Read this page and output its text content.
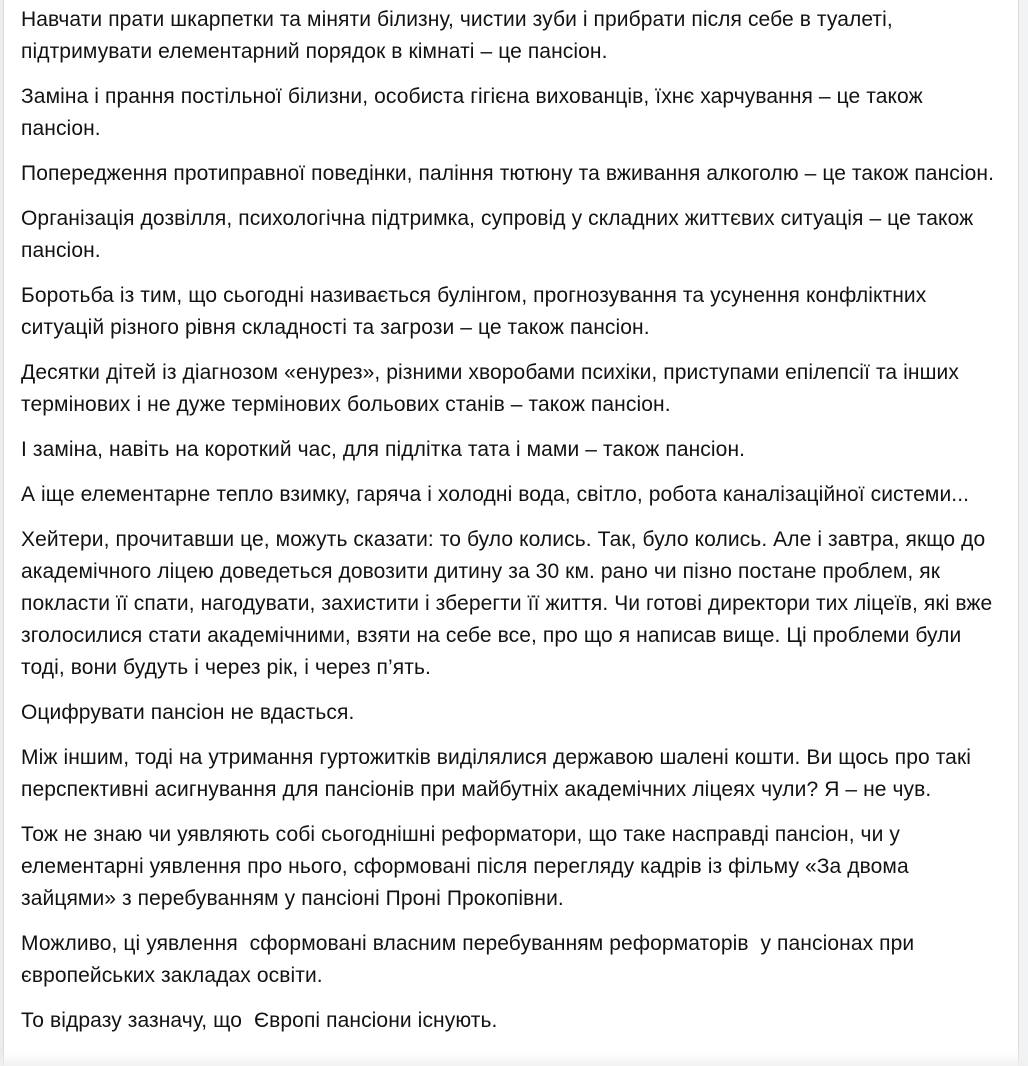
Навчати прати шкарпетки та міняти білизну, чистии зуби і прибрати після себе в туалеті, підтримувати елементарний порядок в кімнаті – це пансіон.

Заміна і прання постільної білизни, особиста гігієна вихованців, їхнє харчування – це також пансіон.

Попередження протиправної поведінки, паління тютюну та вживання алкоголю – це також пансіон.

Організація дозвілля, психологічна підтримка, супровід у складних життєвих ситуація – це також пансіон.

Боротьба із тим, що сьогодні називається булінгом, прогнозування та усунення конфліктних ситуацій різного рівня складності та загрози – це також пансіон.

Десятки дітей із діагнозом «енурез», різними хворобами психіки, приступами епілепсії та інших термінових і не дуже термінових больових станів – також пансіон.

І заміна, навіть на короткий час, для підлітка тата і мами – також пансіон.

А іще елементарне тепло взимку, гаряча і холодні вода, світло, робота каналізаційної системи...

Хейтери, прочитавши це, можуть сказати: то було колись. Так, було колись. Але і завтра, якщо до академічного ліцею доведеться довозити дитину за 30 км. рано чи пізно постане проблем, як покласти її спати, нагодувати, захистити і зберегти її життя. Чи готові директори тих ліцеїв, які вже зголосилися стати академічними, взяти на себе все, про що я написав вище. Ці проблеми були тоді, вони будуть і через рік, і через п’ять.

Оцифрувати пансіон не вдасться.

Між іншим, тоді на утримання гуртожитків виділялися державою шалені кошти. Ви щось про такі перспективні асигнування для пансіонів при майбутніх академічних ліцеях чули? Я – не чув.

Тож не знаю чи уявляють собі сьогоднішні реформатори, що таке насправді пансіон, чи у елементарні уявлення про нього, сформовані після перегляду кадрів із фільму «За двома зайцями» з перебуванням у пансіоні Проні Прокопівни.

Можливо, ці уявлення  сформовані власним перебуванням реформаторів  у пансіонах при європейських закладах освіти.

То відразу зазначу, що  Європі пансіони існують.
